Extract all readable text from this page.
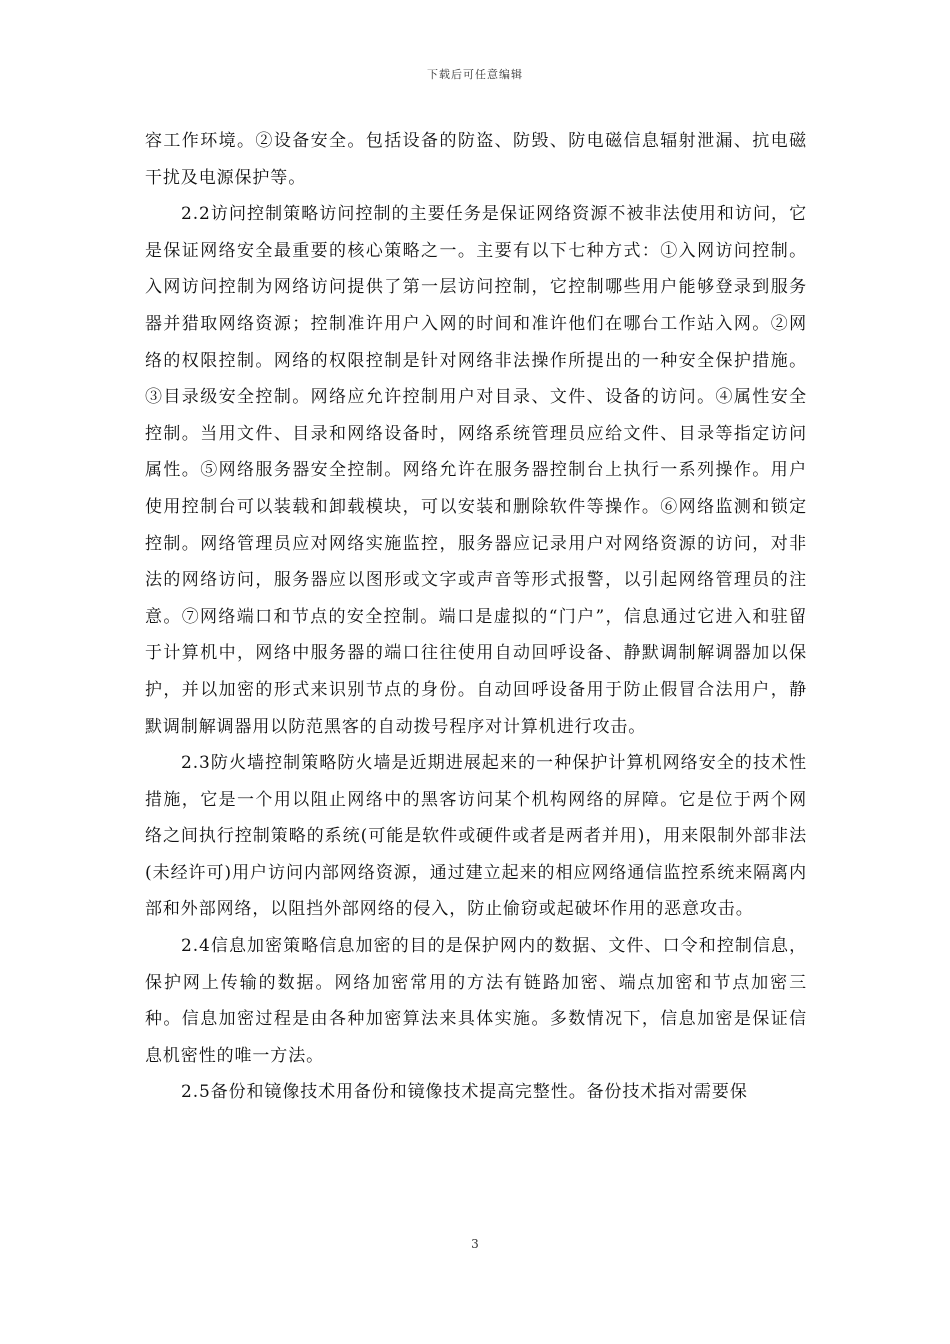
下载后可任意编辑

容工作环境。②设备安全。包括设备的防盗、防毁、防电磁信息辐射泄漏、抗电磁干扰及电源保护等。

2.2访问控制策略访问控制的主要任务是保证网络资源不被非法使用和访问，它是保证网络安全最重要的核心策略之一。主要有以下七种方式：①入网访问控制。入网访问控制为网络访问提供了第一层访问控制，它控制哪些用户能够登录到服务器并猎取网络资源；控制准许用户入网的时间和准许他们在哪台工作站入网。②网络的权限控制。网络的权限控制是针对网络非法操作所提出的一种安全保护措施。③目录级安全控制。网络应允许控制用户对目录、文件、设备的访问。④属性安全控制。当用文件、目录和网络设备时，网络系统管理员应给文件、目录等指定访问属性。⑤网络服务器安全控制。网络允许在服务器控制台上执行一系列操作。用户使用控制台可以装载和卸载模块，可以安装和删除软件等操作。⑥网络监测和锁定控制。网络管理员应对网络实施监控，服务器应记录用户对网络资源的访问，对非法的网络访问，服务器应以图形或文字或声音等形式报警，以引起网络管理员的注意。⑦网络端口和节点的安全控制。端口是虚拟的“门户”，信息通过它进入和驻留于计算机中，网络中服务器的端口往往使用自动回呼设备、静默调制解调器加以保护，并以加密的形式来识别节点的身份。自动回呼设备用于防止假冒合法用户，静默调制解调器用以防范黑客的自动拨号程序对计算机进行攻击。

2.3防火墙控制策略防火墙是近期进展起来的一种保护计算机网络安全的技术性措施，它是一个用以阻止网络中的黑客访问某个机构网络的屏障。它是位于两个网络之间执行控制策略的系统(可能是软件或硬件或者是两者并用)，用来限制外部非法(未经许可)用户访问内部网络资源，通过建立起来的相应网络通信监控系统来隔离内部和外部网络，以阻挡外部网络的侵入，防止偷窃或起破坏作用的恶意攻击。

2.4信息加密策略信息加密的目的是保护网内的数据、文件、口令和控制信息，保护网上传输的数据。网络加密常用的方法有链路加密、端点加密和节点加密三种。信息加密过程是由各种加密算法来具体实施。多数情况下，信息加密是保证信息机密性的唯一方法。

2.5备份和镜像技术用备份和镜像技术提高完整性。备份技术指对需要保

3
